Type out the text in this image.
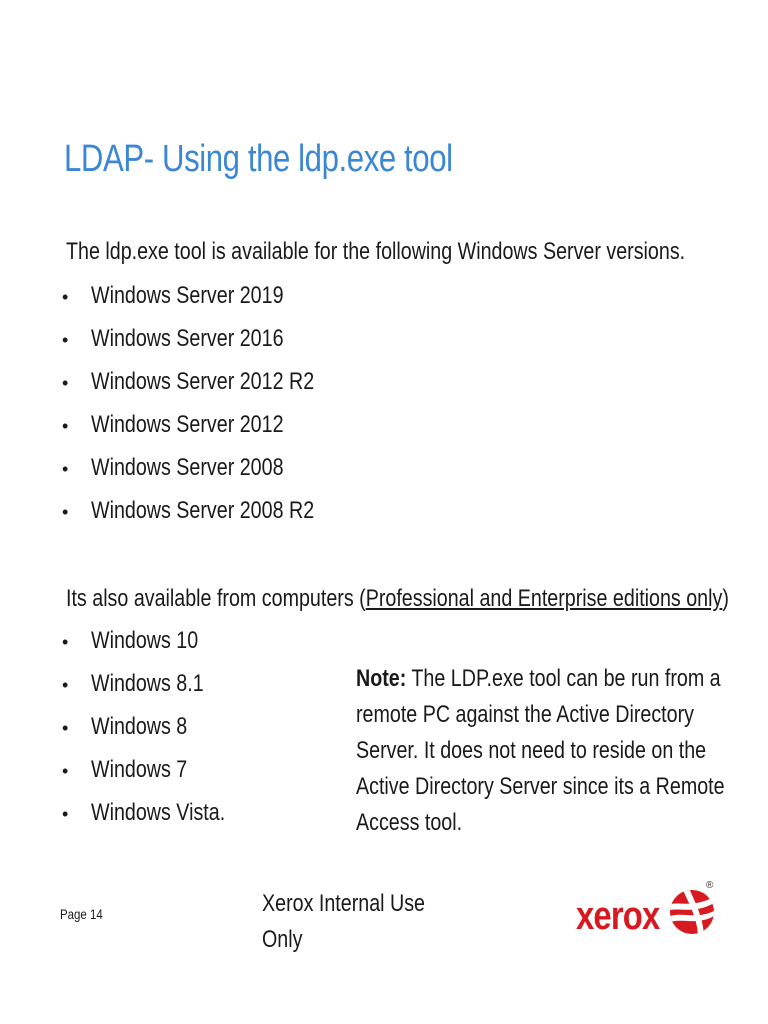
LDAP- Using the ldp.exe tool
The ldp.exe tool is available for the following Windows Server versions.
• Windows Server 2019
• Windows Server 2016
• Windows Server 2012 R2
• Windows Server 2012
• Windows Server 2008
• Windows Server 2008 R2
Its also available from computers (Professional and Enterprise editions only)
• Windows 10
• Windows 8.1
• Windows 8
• Windows 7
• Windows Vista.
Note: The LDP.exe tool can be run from a
remote PC against the Active Directory
Server. It does not need to reside on the
Active Directory Server since its a Remote
Access tool.
Page 14	Xerox Internal Use
Only
xerox
®
